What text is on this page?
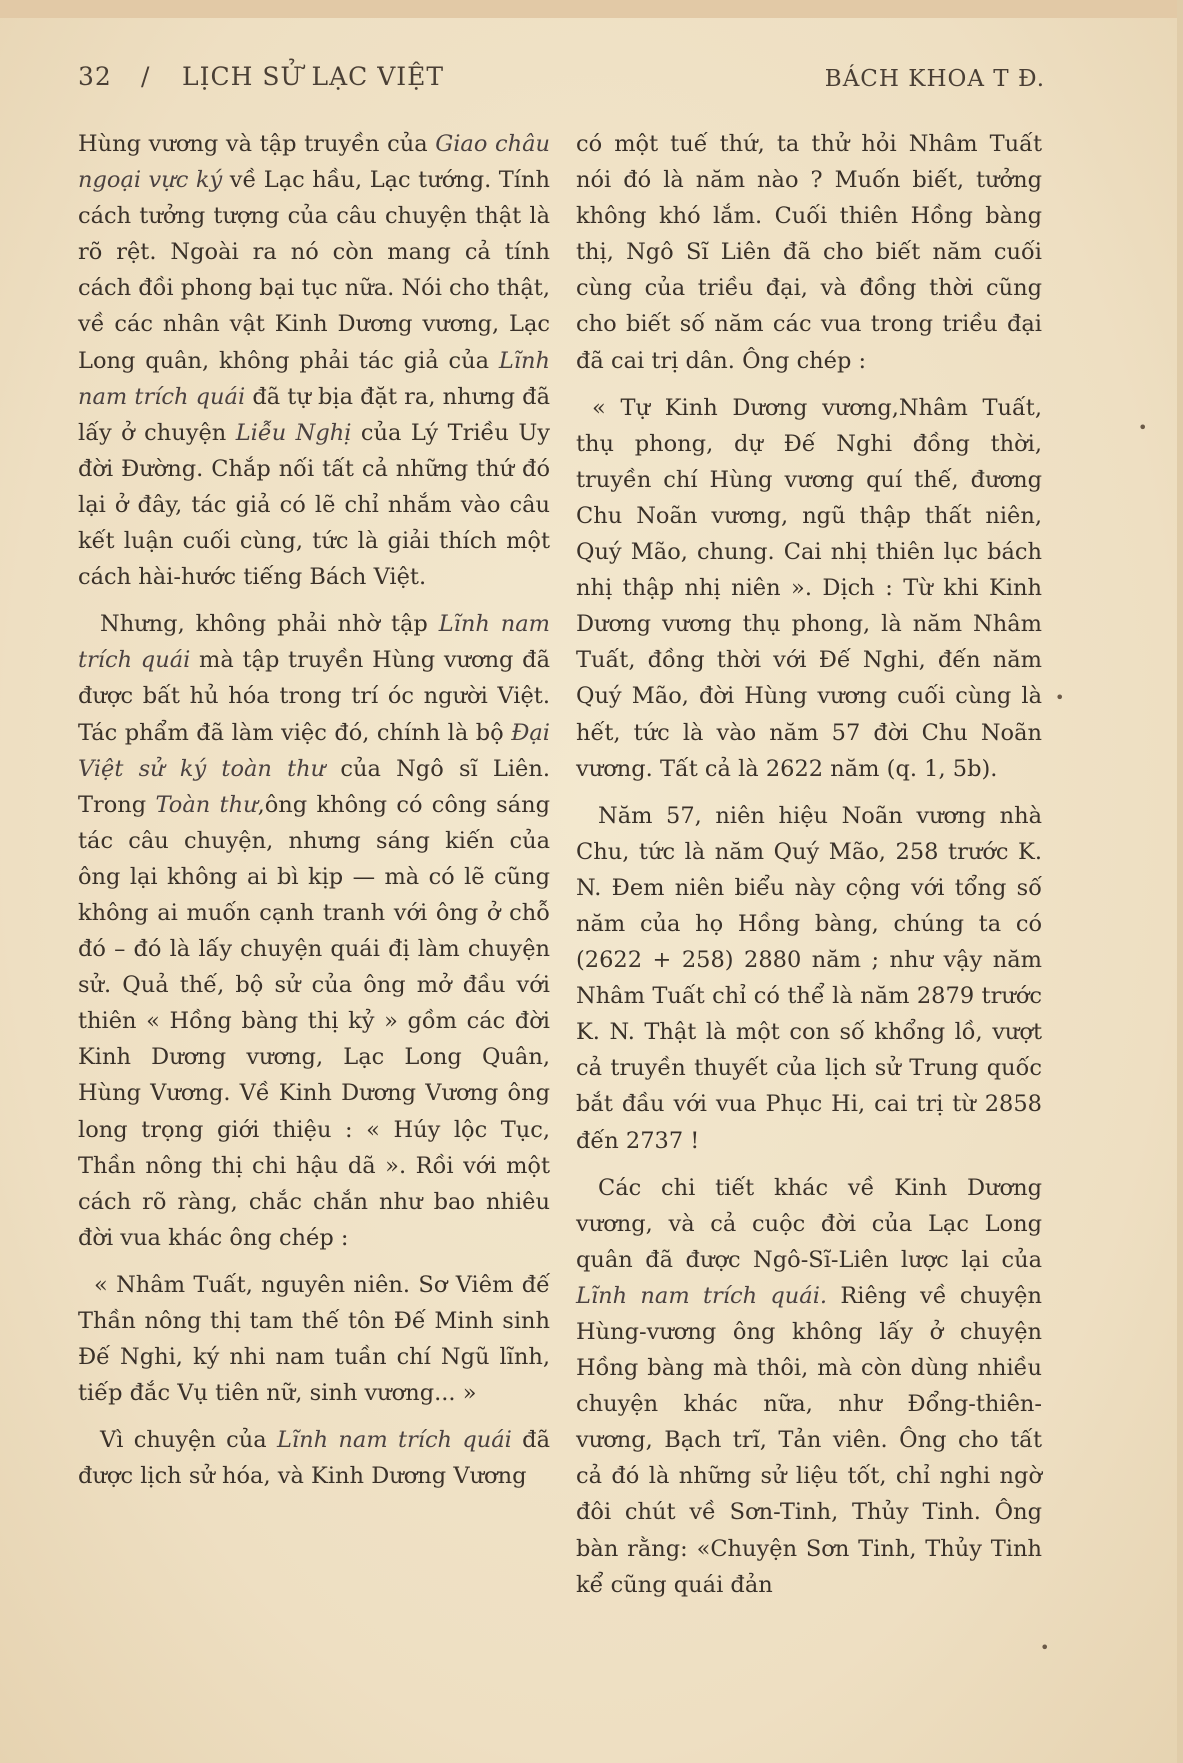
32 / LỊCH SỬ LẠC VIỆT	BÁCH KHOA T Đ.

Hùng vương và tập truyền của Giao châu ngoại vực ký về Lạc hầu, Lạc tướng. Tính cách tưởng tượng của câu chuyện thật là rõ rệt. Ngoài ra nó còn mang cả tính cách đồi phong bại tục nữa. Nói cho thật, về các nhân vật Kinh Dương vương, Lạc Long quân, không phải tác giả của Lĩnh nam trích quái đã tự bịa đặt ra, nhưng đã lấy ở chuyện Liễu Nghị của Lý Triều Uy đời Đường. Chắp nối tất cả những thứ đó lại ở đây, tác giả có lẽ chỉ nhắm vào câu kết luận cuối cùng, tức là giải thích một cách hài-hước tiếng Bách Việt.

Nhưng, không phải nhờ tập Lĩnh nam trích quái mà tập truyền Hùng vương đã được bất hủ hóa trong trí óc người Việt. Tác phẩm đã làm việc đó, chính là bộ Đại Việt sử ký toàn thư của Ngô sĩ Liên. Trong Toàn thư,ông không có công sáng tác câu chuyện, nhưng sáng kiến của ông lại không ai bì kịp — mà có lẽ cũng không ai muốn cạnh tranh với ông ở chỗ đó – đó là lấy chuyện quái đị làm chuyện sử. Quả thế, bộ sử của ông mở đầu với thiên « Hồng bàng thị kỷ » gồm các đời Kinh Dương vương, Lạc Long Quân, Hùng Vương. Về Kinh Dương Vương ông long trọng giới thiệu : « Húy lộc Tục, Thần nông thị chi hậu dã ». Rồi với một cách rõ ràng, chắc chắn như bao nhiêu đời vua khác ông chép :

« Nhâm Tuất, nguyên niên. Sơ Viêm đế Thần nông thị tam thế tôn Đế Minh sinh Đế Nghi, ký nhi nam tuần chí Ngũ lĩnh, tiếp đắc Vụ tiên nữ, sinh vương... »

Vì chuyện của Lĩnh nam trích quái đã được lịch sử hóa, và Kinh Dương Vương

có một tuế thứ, ta thử hỏi Nhâm Tuất nói đó là năm nào ? Muốn biết, tưởng không khó lắm. Cuối thiên Hồng bàng thị, Ngô Sĩ Liên đã cho biết năm cuối cùng của triều đại, và đồng thời cũng cho biết số năm các vua trong triều đại đã cai trị dân. Ông chép :

« Tự Kinh Dương vương,Nhâm Tuất, thụ phong, dự Đế Nghi đồng thời, truyền chí Hùng vương quí thế, đương Chu Noãn vương, ngũ thập thất niên, Quý Mão, chung. Cai nhị thiên lục bách nhị thập nhị niên ». Dịch : Từ khi Kinh Dương vương thụ phong, là năm Nhâm Tuất, đồng thời với Đế Nghi, đến năm Quý Mão, đời Hùng vương cuối cùng là hết, tức là vào năm 57 đời Chu Noãn vương. Tất cả là 2622 năm (q. 1, 5b).

Năm 57, niên hiệu Noãn vương nhà Chu, tức là năm Quý Mão, 258 trước K. N. Đem niên biểu này cộng với tổng số năm của họ Hồng bàng, chúng ta có (2622 + 258) 2880 năm ; như vậy năm Nhâm Tuất chỉ có thể là năm 2879 trước K. N. Thật là một con số khổng lồ, vượt cả truyền thuyết của lịch sử Trung quốc bắt đầu với vua Phục Hi, cai trị từ 2858 đến 2737 !

Các chi tiết khác về Kinh Dương vương, và cả cuộc đời của Lạc Long quân đã được Ngô-Sĩ-Liên lược lại của Lĩnh nam trích quái. Riêng về chuyện Hùng-vương ông không lấy ở chuyện Hồng bàng mà thôi, mà còn dùng nhiều chuyện khác nữa, như Đổng-thiên-vương, Bạch trĩ, Tản viên. Ông cho tất cả đó là những sử liệu tốt, chỉ nghi ngờ đôi chút về Sơn-Tinh, Thủy Tinh. Ông bàn rằng: «Chuyện Sơn Tinh, Thủy Tinh kể cũng quái đản

•
•
•
